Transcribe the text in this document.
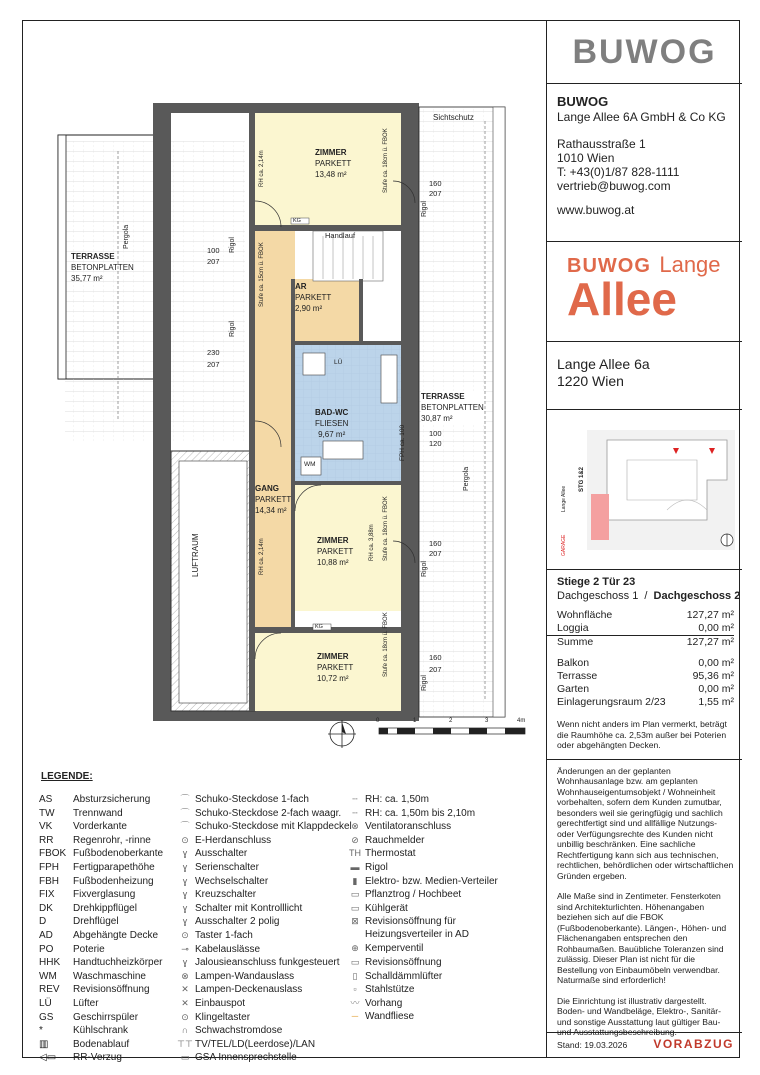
Sichtschutz
Handlauf
TERRASSE
BETONPLATTEN
35,77 m²
ZIMMER
PARKETT
13,48 m²
AR
PARKETT
2,90 m²
BAD-WC
FLIESEN
9,67 m²
TERRASSE
BETONPLATTEN
30,87 m²
GANG
PARKETT
14,34 m²
ZIMMER
PARKETT
10,88 m²
ZIMMER
PARKETT
10,72 m²
LUFTRAUM
100
207
230
207
160
207
100
120
160
207
160
207
Pergola
Pergola
Rigol
Rigol
Rigol
Rigol
Rigol
KG
KG
WM
LÜ
FPH ca. 100
RH ca. 2,14m
RH ca. 2,14m
RH ca. 3,88m
Stufe ca. 18cm ü. FBOK
Stufe ca. 15cm ü. FBOK
Stufe ca. 18cm ü. FBOK
Stufe ca. 18cm ü. FBOK
0	1	2	3	4m
LEGENDE:
AS Absturzsicherung
TW Trennwand
VK Vorderkante
RR Regenrohr, -rinne
FBOK Fußbodenoberkante
FPH Fertigparapethöhe
FBH Fußbodenheizung
FIX Fixverglasung
DK Drehkippflügel
D	Drehflügel
AD Abgehängte Decke
PO Poterie
HHK Handtuchheizkörper
WM Waschmaschine
REV Revisionsöffnung
LÜ Lüfter
GS Geschirrspüler
*	Kühlschrank
▥ Bodenablauf
◁▭ RR-Verzug
⌒ Schuko-Steckdose 1-fach
⌒ Schuko-Steckdose 2-fach waagr.
⌒ Schuko-Steckdose mit Klappdeckel
⊙ E-Herdanschluss
ɣ Ausschalter
ɣ Serienschalter
ɣ Wechselschalter
ɣ Kreuzschalter
ɣ Schalter mit Kontrolllicht
ɣ Ausschalter 2 polig
⊙ Taster 1-fach
⊸ Kabelauslässe
ɣ Jalousieanschluss funkgesteuert
⊗ Lampen-Wandauslass
✕ Lampen-Deckenauslass
✕ Einbauspot
⊙ Klingeltaster
∩ Schwachstromdose
⊤⊤ TV/TEL/LD(Leerdose)/LAN
▭ GSA Innensprechstelle
┄ RH: ca. 1,50m
┄ RH: ca. 1,50m bis 2,10m
⊗ Ventilatoranschluss
⊘ Rauchmelder
TH Thermostat
▬ Rigol
▮ Elektro- bzw. Medien-Verteiler
▭ Pflanztrog / Hochbeet
▭ Kühlgerät
⊠ Revisionsöffnung für Heizungsverteiler in AD
⊕ Kemperventil
▭ Revisionsöffnung
▯ Schalldämmlüfter
▫ Stahlstütze
〰 Vorhang
─ Wandfliese
BUWOG
BUWOG
Lange Allee 6A GmbH & Co KG
Rathausstraße 1
1010 Wien
T: +43(0)1/87 828-1111
vertrieb@buwog.com
www.buwog.at
BUWOG Lange
Allee
Lange Allee 6a
1220 Wien
STG 1&2
Lange Allee
GARAGE
Stiege 2 Tür 23
Dachgeschoss 1 / Dachgeschoss 2
Wohnfläche	127,27 m²
Loggia	0,00 m²
Summe	127,27 m²
Balkon	0,00 m²
Terrasse	95,36 m²
Garten	0,00 m²
Einlagerungsraum 2/23	1,55 m²
Wenn nicht anders im Plan vermerkt, beträgt die Raumhöhe ca. 2,53m außer bei Poterien oder abgehängten Decken.
Änderungen an der geplanten Wohnhausanlage bzw. am geplanten Wohnhauseigentumsobjekt / Wohneinheit vorbehalten, sofern dem Kunden zumutbar, besonders weil sie geringfügig und sachlich gerechtfertigt sind und allfällige Nutzungs- oder Verfügungsrechte des Kunden nicht unbillig beschränken. Eine sachliche Rechtfertigung kann sich aus technischen, rechtlichen, behördlichen oder wirtschaftlichen Gründen ergeben.
Alle Maße sind in Zentimeter. Fensterkoten sind Architekturlichten. Höhenangaben beziehen sich auf die FBOK (Fußbodenoberkante). Längen-, Höhen- und Flächenangaben entsprechen den Rohbaumaßen. Bauübliche Toleranzen sind zulässig. Dieser Plan ist nicht für die Bestellung von Einbaumöbeln verwendbar. Naturmaße sind erforderlich!
Die Einrichtung ist illustrativ dargestellt. Boden- und Wandbeläge, Elektro-, Sanitär- und sonstige Ausstattung laut gültiger Bau- und Ausstattungsbeschreibung.
Stand: 19.03.2026 VORABZUG
